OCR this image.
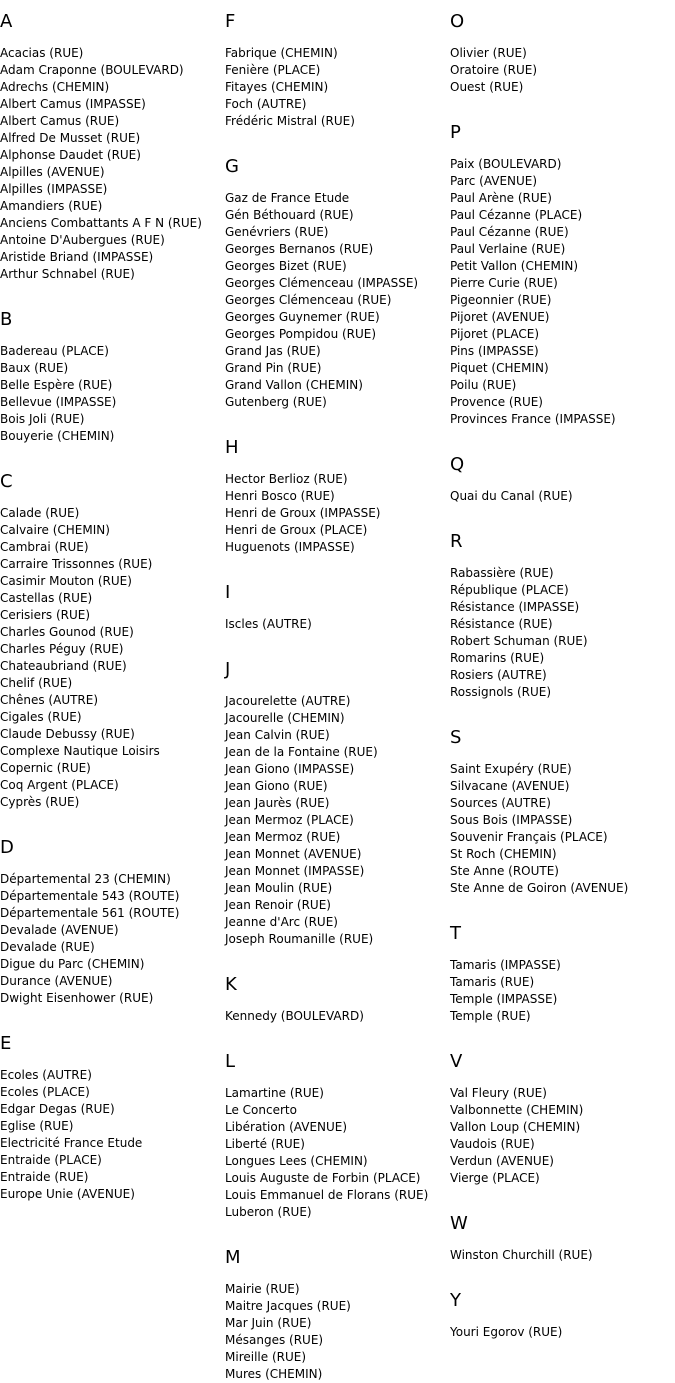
A
Acacias (RUE)
Adam Craponne (BOULEVARD)
Adrechs (CHEMIN)
Albert Camus (IMPASSE)
Albert Camus (RUE)
Alfred De Musset (RUE)
Alphonse Daudet (RUE)
Alpilles (AVENUE)
Alpilles (IMPASSE)
Amandiers (RUE)
Anciens Combattants A F N (RUE)
Antoine D'Aubergues (RUE)
Aristide Briand (IMPASSE)
Arthur Schnabel (RUE)
B
Badereau (PLACE)
Baux (RUE)
Belle Espère (RUE)
Bellevue (IMPASSE)
Bois Joli (RUE)
Bouyerie (CHEMIN)
C
Calade (RUE)
Calvaire (CHEMIN)
Cambrai (RUE)
Carraire Trissonnes (RUE)
Casimir Mouton (RUE)
Castellas (RUE)
Cerisiers (RUE)
Charles Gounod (RUE)
Charles Péguy (RUE)
Chateaubriand (RUE)
Chelif (RUE)
Chênes (AUTRE)
Cigales (RUE)
Claude Debussy (RUE)
Complexe Nautique Loisirs
Copernic (RUE)
Coq Argent (PLACE)
Cyprès (RUE)
D
Départemental 23 (CHEMIN)
Départementale 543 (ROUTE)
Départementale 561 (ROUTE)
Devalade (AVENUE)
Devalade (RUE)
Digue du Parc (CHEMIN)
Durance (AVENUE)
Dwight Eisenhower (RUE)
E
Ecoles (AUTRE)
Ecoles (PLACE)
Edgar Degas (RUE)
Eglise (RUE)
Electricité France Etude
Entraide (PLACE)
Entraide (RUE)
Europe Unie (AVENUE)
F
Fabrique (CHEMIN)
Fenière (PLACE)
Fitayes (CHEMIN)
Foch (AUTRE)
Frédéric Mistral (RUE)
G
Gaz de France Etude
Gén Béthouard (RUE)
Genévriers (RUE)
Georges Bernanos (RUE)
Georges Bizet (RUE)
Georges Clémenceau (IMPASSE)
Georges Clémenceau (RUE)
Georges Guynemer (RUE)
Georges Pompidou (RUE)
Grand Jas (RUE)
Grand Pin (RUE)
Grand Vallon (CHEMIN)
Gutenberg (RUE)
H
Hector Berlioz (RUE)
Henri Bosco (RUE)
Henri de Groux (IMPASSE)
Henri de Groux (PLACE)
Huguenots (IMPASSE)
I
Iscles (AUTRE)
J
Jacourelette (AUTRE)
Jacourelle (CHEMIN)
Jean Calvin (RUE)
Jean de la Fontaine (RUE)
Jean Giono (IMPASSE)
Jean Giono (RUE)
Jean Jaurès (RUE)
Jean Mermoz (PLACE)
Jean Mermoz (RUE)
Jean Monnet (AVENUE)
Jean Monnet (IMPASSE)
Jean Moulin (RUE)
Jean Renoir (RUE)
Jeanne d'Arc (RUE)
Joseph Roumanille (RUE)
K
Kennedy (BOULEVARD)
L
Lamartine (RUE)
Le Concerto
Libération (AVENUE)
Liberté (RUE)
Longues Lees (CHEMIN)
Louis Auguste de Forbin (PLACE)
Louis Emmanuel de Florans (RUE)
Luberon (RUE)
M
Mairie (RUE)
Maitre Jacques (RUE)
Mar Juin (RUE)
Mésanges (RUE)
Mireille (RUE)
Mures (CHEMIN)
O
Olivier (RUE)
Oratoire (RUE)
Ouest (RUE)
P
Paix (BOULEVARD)
Parc (AVENUE)
Paul Arène (RUE)
Paul Cézanne (PLACE)
Paul Cézanne (RUE)
Paul Verlaine (RUE)
Petit Vallon (CHEMIN)
Pierre Curie (RUE)
Pigeonnier (RUE)
Pijoret (AVENUE)
Pijoret (PLACE)
Pins (IMPASSE)
Piquet (CHEMIN)
Poilu (RUE)
Provence (RUE)
Provinces France (IMPASSE)
Q
Quai du Canal (RUE)
R
Rabassière (RUE)
République (PLACE)
Résistance (IMPASSE)
Résistance (RUE)
Robert Schuman (RUE)
Romarins (RUE)
Rosiers (AUTRE)
Rossignols (RUE)
S
Saint Exupéry (RUE)
Silvacane (AVENUE)
Sources (AUTRE)
Sous Bois (IMPASSE)
Souvenir Français (PLACE)
St Roch (CHEMIN)
Ste Anne (ROUTE)
Ste Anne de Goiron (AVENUE)
T
Tamaris (IMPASSE)
Tamaris (RUE)
Temple (IMPASSE)
Temple (RUE)
V
Val Fleury (RUE)
Valbonnette (CHEMIN)
Vallon Loup (CHEMIN)
Vaudois (RUE)
Verdun (AVENUE)
Vierge (PLACE)
W
Winston Churchill (RUE)
Y
Youri Egorov (RUE)
